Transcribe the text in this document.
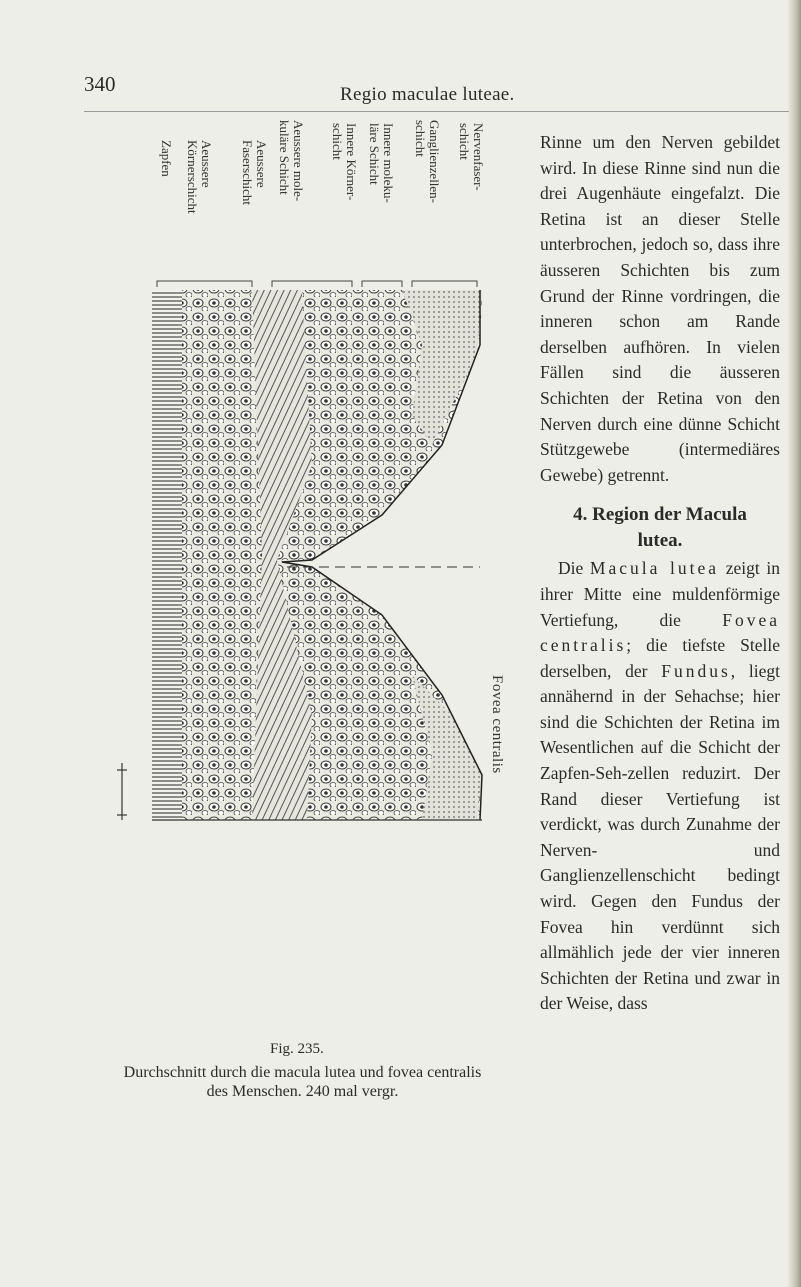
340	Regio maculae luteae.
Zapfen	Aeussere
Körnerschicht	Aeussere
Faserschicht	Aeussere mole-
kuläre Schicht
Innere Körner-
schicht	Innere moleku-
läre Schicht	Ganglienzellen-
schicht	Nervenfaser-
schicht
Fovea centralis
Fig. 235.
Durchschnitt durch die macula lutea und fovea centralis
des Menschen. 240 mal vergr.

Rinne um den Nerven gebildet wird. In diese Rinne sind nun die drei Augenhäute eingefalzt. Die Retina ist an dieser Stelle unterbrochen, jedoch so, dass ihre äusseren Schichten bis zum Grund der Rinne vordringen, die inneren schon am Rande derselben aufhören. In vielen Fällen sind die äusseren Schichten der Retina von den Nerven durch eine dünne Schicht Stützgewebe (intermediäres Gewebe) getrennt.

4. Region der Macula
lutea.

Die Macula lutea zeigt in ihrer Mitte eine muldenförmige Vertiefung, die Fovea centralis; die tiefste Stelle derselben, der Fundus, liegt annähernd in der Sehachse; hier sind die Schichten der Retina im Wesentlichen auf die Schicht der Zapfen-Seh-zellen reduzirt. Der Rand dieser Vertiefung ist verdickt, was durch Zunahme der Nerven- und Ganglienzellenschicht bedingt wird. Gegen den Fundus der Fovea hin verdünnt sich allmählich jede der vier inneren Schichten der Retina und zwar in der Weise, dass
